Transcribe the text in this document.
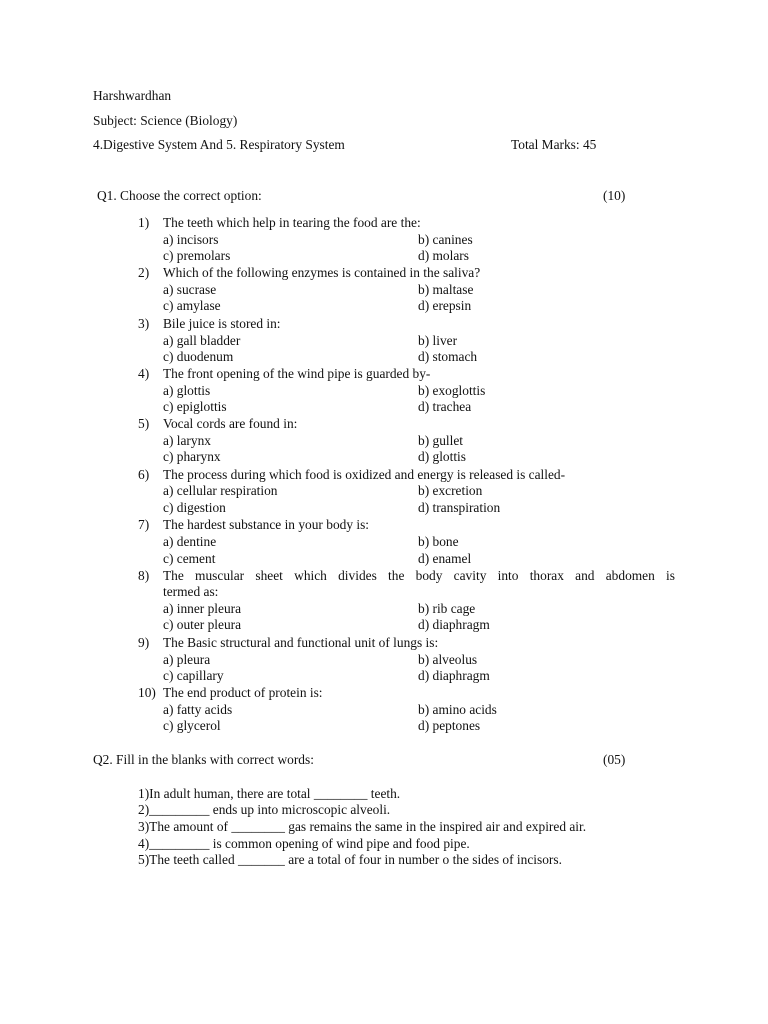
Harshwardhan
Subject: Science (Biology)
4.Digestive System And 5. Respiratory System	Total Marks: 45
Q1. Choose the correct option:	(10)
1) The teeth which help in tearing the food are the:
a) incisors	b) canines
c) premolars	d) molars
2) Which of the following enzymes is contained in the saliva?
a) sucrase	b) maltase
c) amylase	d) erepsin
3) Bile juice is stored in:
a) gall bladder	b) liver
c) duodenum	d) stomach
4) The front opening of the wind pipe is guarded by-
a) glottis	b) exoglottis
c) epiglottis	d) trachea
5) Vocal cords are found in:
a) larynx	b) gullet
c) pharynx	d) glottis
6) The process during which food is oxidized and energy is released is called-
a) cellular respiration	b) excretion
c) digestion	d) transpiration
7) The hardest substance in your body is:
a) dentine	b) bone
c) cement	d) enamel
8) The muscular sheet which divides the body cavity into thorax and abdomen is
termed as:
a) inner pleura	b) rib cage
c) outer pleura	d) diaphragm
9) The Basic structural and functional unit of lungs is:
a) pleura	b) alveolus
c) capillary	d) diaphragm
10) The end product of protein is:
a) fatty acids	b) amino acids
c) glycerol	d) peptones
Q2. Fill in the blanks with correct words:	(05)
1)In adult human, there are total ________ teeth.
2)_________ ends up into microscopic alveoli.
3)The amount of ________ gas remains the same in the inspired air and expired air.
4)_________ is common opening of wind pipe and food pipe.
5)The teeth called _______ are a total of four in number o the sides of incisors.
